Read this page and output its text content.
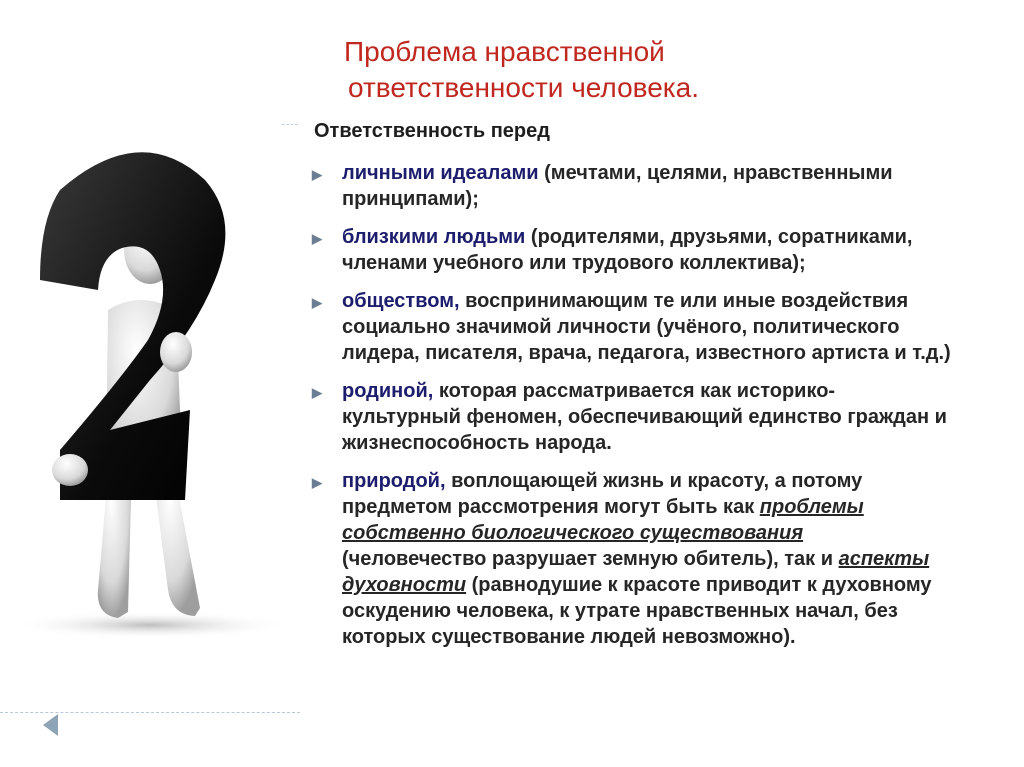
Проблема нравственной
ответственности человека.
Ответственность перед
▶ личными идеалами (мечтами, целями, нравственными принципами);
▶ близкими людьми (родителями, друзьями, соратниками, членами учебного или трудового коллектива);
▶ обществом, воспринимающим те или иные воздействия социально значимой личности (учёного, политического лидера, писателя, врача, педагога, известного артиста и т.д.)
▶ родиной, которая рассматривается как историко-культурный феномен, обеспечивающий единство граждан и жизнеспособность народа.
▶ природой, воплощающей жизнь и красоту, а потому предметом рассмотрения могут быть как проблемы собственно биологического существования (человечество разрушает земную обитель), так и аспекты духовности (равнодушие к красоте приводит к духовному оскудению человека, к утрате нравственных начал, без которых существование людей невозможно).
